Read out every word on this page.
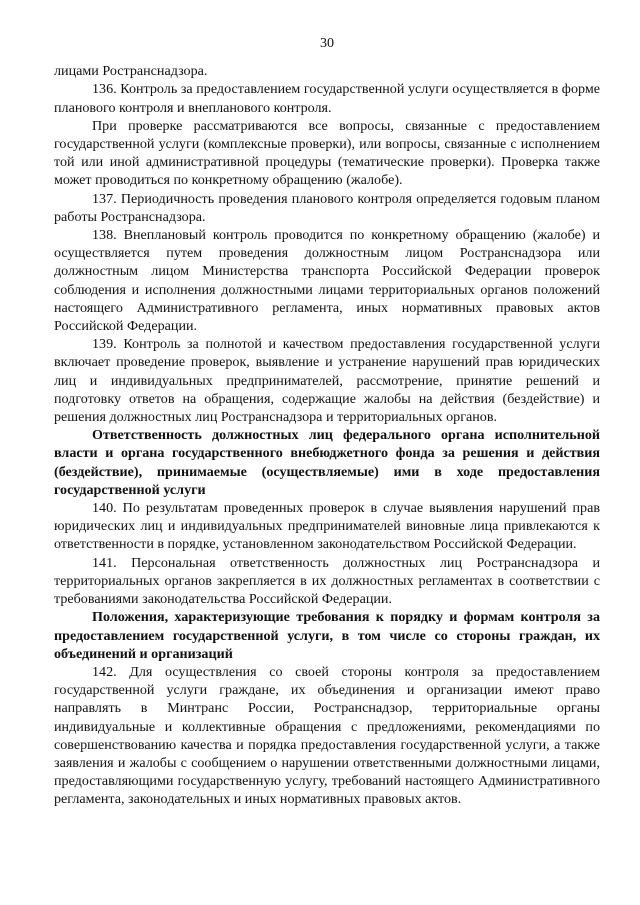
30

лицами Ространснадзора.

136. Контроль за предоставлением государственной услуги осуществляется в форме планового контроля и внепланового контроля.

При проверке рассматриваются все вопросы, связанные с предоставлением государственной услуги (комплексные проверки), или вопросы, связанные с исполнением той или иной административной процедуры (тематические проверки). Проверка также может проводиться по конкретному обращению (жалобе).

137. Периодичность проведения планового контроля определяется годовым планом работы Ространснадзора.

138. Внеплановый контроль проводится по конкретному обращению (жалобе) и осуществляется путем проведения должностным лицом Ространснадзора или должностным лицом Министерства транспорта Российской Федерации проверок соблюдения и исполнения должностными лицами территориальных органов положений настоящего Административного регламента, иных нормативных правовых актов Российской Федерации.

139. Контроль за полнотой и качеством предоставления государственной услуги включает проведение проверок, выявление и устранение нарушений прав юридических лиц и индивидуальных предпринимателей, рассмотрение, принятие решений и подготовку ответов на обращения, содержащие жалобы на действия (бездействие) и решения должностных лиц Ространснадзора и территориальных органов.

Ответственность должностных лиц федерального органа исполнительной власти и органа государственного внебюджетного фонда за решения и действия (бездействие), принимаемые (осуществляемые) ими в ходе предоставления государственной услуги

140. По результатам проведенных проверок в случае выявления нарушений прав юридических лиц и индивидуальных предпринимателей виновные лица привлекаются к ответственности в порядке, установленном законодательством Российской Федерации.

141. Персональная ответственность должностных лиц Ространснадзора и территориальных органов закрепляется в их должностных регламентах в соответствии с требованиями законодательства Российской Федерации.

Положения, характеризующие требования к порядку и формам контроля за предоставлением государственной услуги, в том числе со стороны граждан, их объединений и организаций

142. Для осуществления со своей стороны контроля за предоставлением государственной услуги граждане, их объединения и организации имеют право направлять в Минтранс России, Ространснадзор, территориальные органы индивидуальные и коллективные обращения с предложениями, рекомендациями по совершенствованию качества и порядка предоставления государственной услуги, а также заявления и жалобы с сообщением о нарушении ответственными должностными лицами, предоставляющими государственную услугу, требований настоящего Административного регламента, законодательных и иных нормативных правовых актов.
